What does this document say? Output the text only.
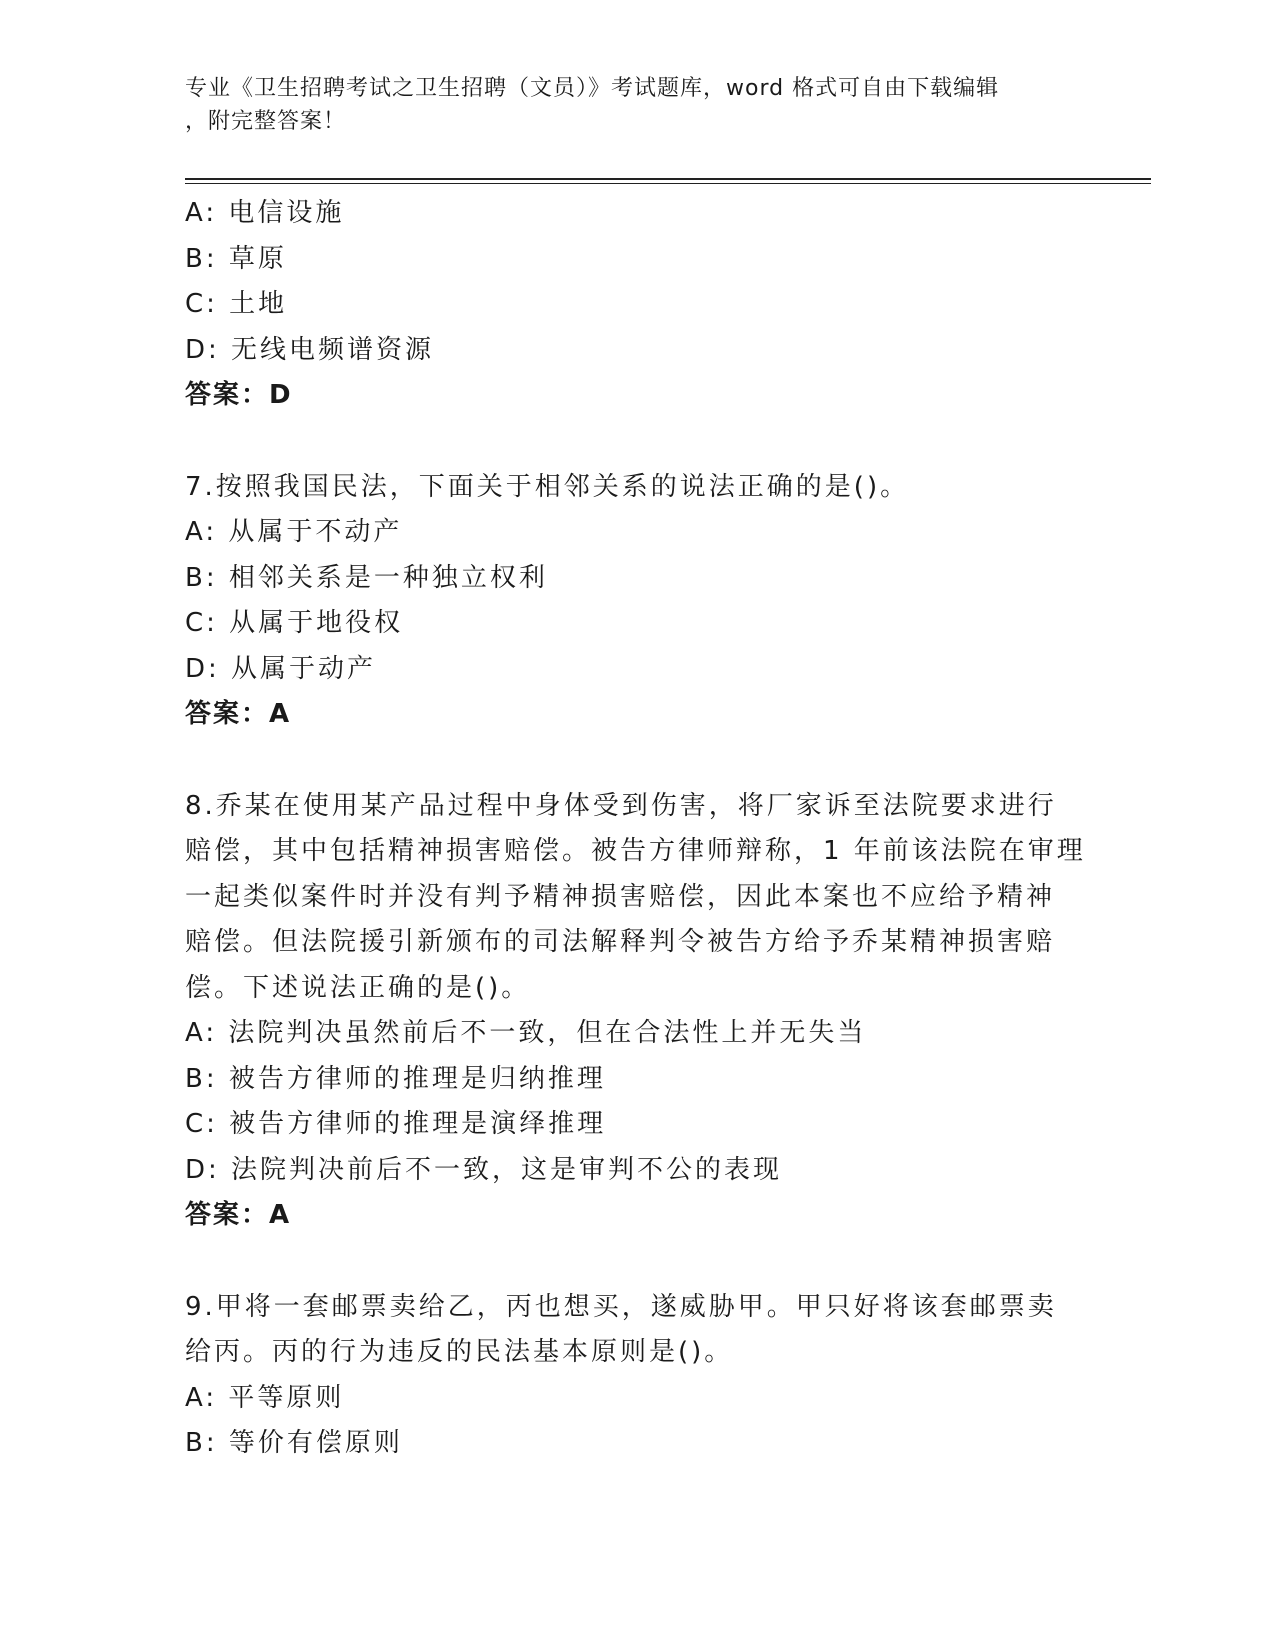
专业《卫生招聘考试之卫生招聘（文员）》考试题库，word 格式可自由下载编辑
，附完整答案！
A: 电信设施
B: 草原
C: 土地
D: 无线电频谱资源
答案：D
7.按照我国民法，下面关于相邻关系的说法正确的是()。
A: 从属于不动产
B: 相邻关系是一种独立权利
C: 从属于地役权
D: 从属于动产
答案：A
8.乔某在使用某产品过程中身体受到伤害，将厂家诉至法院要求进行
赔偿，其中包括精神损害赔偿。被告方律师辩称，1 年前该法院在审理
一起类似案件时并没有判予精神损害赔偿，因此本案也不应给予精神
赔偿。但法院援引新颁布的司法解释判令被告方给予乔某精神损害赔
偿。下述说法正确的是()。
A: 法院判决虽然前后不一致，但在合法性上并无失当
B: 被告方律师的推理是归纳推理
C: 被告方律师的推理是演绎推理
D: 法院判决前后不一致，这是审判不公的表现
答案：A
9.甲将一套邮票卖给乙，丙也想买，遂威胁甲。甲只好将该套邮票卖
给丙。丙的行为违反的民法基本原则是()。
A: 平等原则
B: 等价有偿原则
